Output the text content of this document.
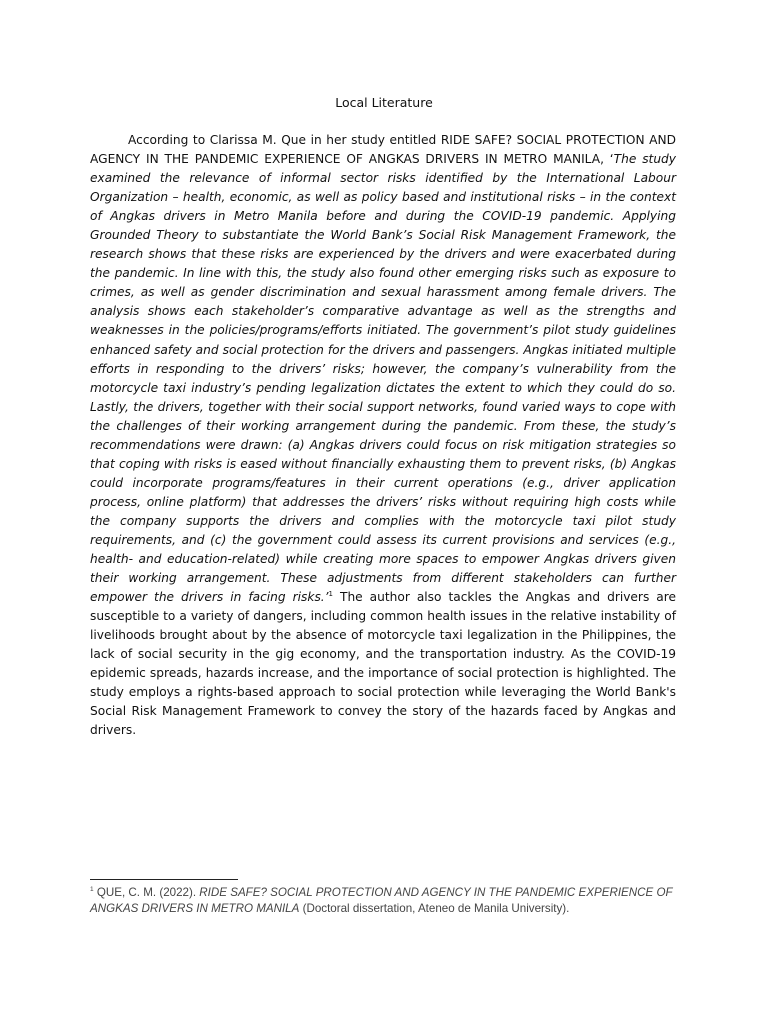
Local Literature

According to Clarissa M. Que in her study entitled RIDE SAFE? SOCIAL PROTECTION AND AGENCY IN THE PANDEMIC EXPERIENCE OF ANGKAS DRIVERS IN METRO MANILA, ‘The study examined the relevance of informal sector risks identified by the International Labour Organization – health, economic, as well as policy based and institutional risks – in the context of Angkas drivers in Metro Manila before and during the COVID-19 pandemic. Applying Grounded Theory to substantiate the World Bank’s Social Risk Management Framework, the research shows that these risks are experienced by the drivers and were exacerbated during the pandemic. In line with this, the study also found other emerging risks such as exposure to crimes, as well as gender discrimination and sexual harassment among female drivers. The analysis shows each stakeholder’s comparative advantage as well as the strengths and weaknesses in the policies/programs/efforts initiated. The government’s pilot study guidelines enhanced safety and social protection for the drivers and passengers. Angkas initiated multiple efforts in responding to the drivers’ risks; however, the company’s vulnerability from the motorcycle taxi industry’s pending legalization dictates the extent to which they could do so. Lastly, the drivers, together with their social support networks, found varied ways to cope with the challenges of their working arrangement during the pandemic. From these, the study’s recommendations were drawn: (a) Angkas drivers could focus on risk mitigation strategies so that coping with risks is eased without financially exhausting them to prevent risks, (b) Angkas could incorporate programs/features in their current operations (e.g., driver application process, online platform) that addresses the drivers’ risks without requiring high costs while the company supports the drivers and complies with the motorcycle taxi pilot study requirements, and (c) the government could assess its current provisions and services (e.g., health- and education-related) while creating more spaces to empower Angkas drivers given their working arrangement. These adjustments from different stakeholders can further empower the drivers in facing risks.’$^1$ The author also tackles the Angkas and drivers are susceptible to a variety of dangers, including common health issues in the relative instability of livelihoods brought about by the absence of motorcycle taxi legalization in the Philippines, the lack of social security in the gig economy, and the transportation industry. As the COVID-19 epidemic spreads, hazards increase, and the importance of social protection is highlighted. The study employs a rights-based approach to social protection while leveraging the World Bank's Social Risk Management Framework to convey the story of the hazards faced by Angkas and drivers.

$^1$ QUE, C. M. (2022). RIDE SAFE? SOCIAL PROTECTION AND AGENCY IN THE PANDEMIC EXPERIENCE OF ANGKAS DRIVERS IN METRO MANILA (Doctoral dissertation, Ateneo de Manila University).
